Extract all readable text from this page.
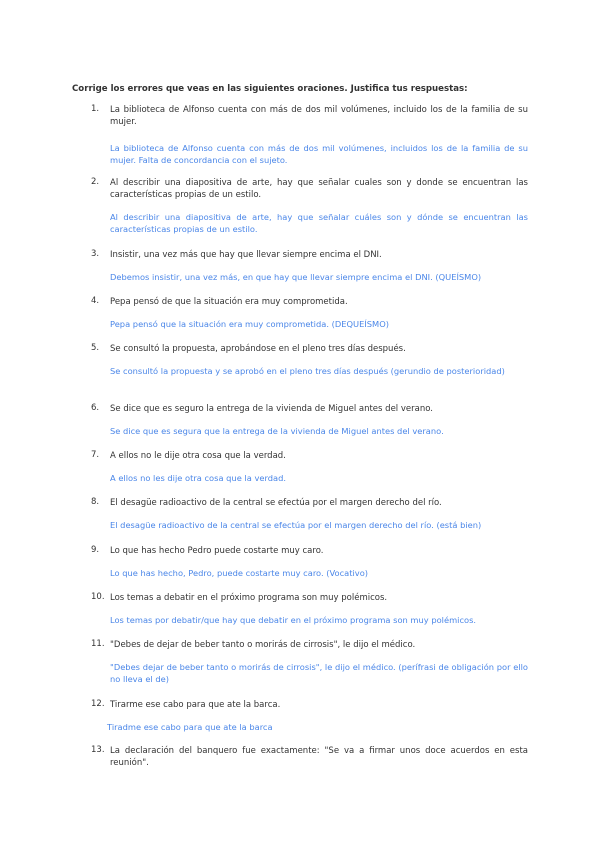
Corrige los errores que veas en las siguientes oraciones. Justifica tus respuestas:
1.	La biblioteca de Alfonso cuenta con más de dos mil volúmenes, incluido los de la familia de su mujer.
La biblioteca de Alfonso cuenta con más de dos mil volúmenes, incluidos los de la familia de su mujer. Falta de concordancia con el sujeto.
2.	Al describir una diapositiva de arte, hay que señalar cuales son y donde se encuentran las características propias de un estilo.
Al describir una diapositiva de arte, hay que señalar cuáles son y dónde se encuentran las características propias de un estilo.
3.	Insistir, una vez más que hay que llevar siempre encima el DNI.
Debemos insistir, una vez más, en que hay que llevar siempre encima el DNI. (QUEÍSMO)
4.	Pepa pensó de que la situación era muy comprometida.
Pepa pensó que la situación era muy comprometida. (DEQUEÍSMO)
5.	Se consultó la propuesta, aprobándose en el pleno tres días después.
Se consultó la propuesta y se aprobó en el pleno tres días después (gerundio de posterioridad)
6.	Se dice que es seguro la entrega de la vivienda de Miguel antes del verano.
Se dice que es segura que la entrega de la vivienda de Miguel antes del verano.
7.	A ellos no le dije otra cosa que la verdad.
A ellos no les dije otra cosa que la verdad.
8.	El desagüe radioactivo de la central se efectúa por el margen derecho del río.
El desagüe radioactivo de la central se efectúa por el margen derecho del río. (está bien)
9.	Lo que has hecho Pedro puede costarte muy caro.
Lo que has hecho, Pedro, puede costarte muy caro. (Vocativo)
10. Los temas a debatir en el próximo programa son muy polémicos.
Los temas por debatir/que hay que debatir en el próximo programa son muy polémicos.
11. "Debes de dejar de beber tanto o morirás de cirrosis", le dijo el médico.
"Debes dejar de beber tanto o morirás de cirrosis", le dijo el médico. (perífrasi de obligación por ello no lleva el de)
12. Tirarme ese cabo para que ate la barca.
Tiradme ese cabo para que ate la barca
13. La declaración del banquero fue exactamente: "Se va a firmar unos doce acuerdos en esta reunión".
